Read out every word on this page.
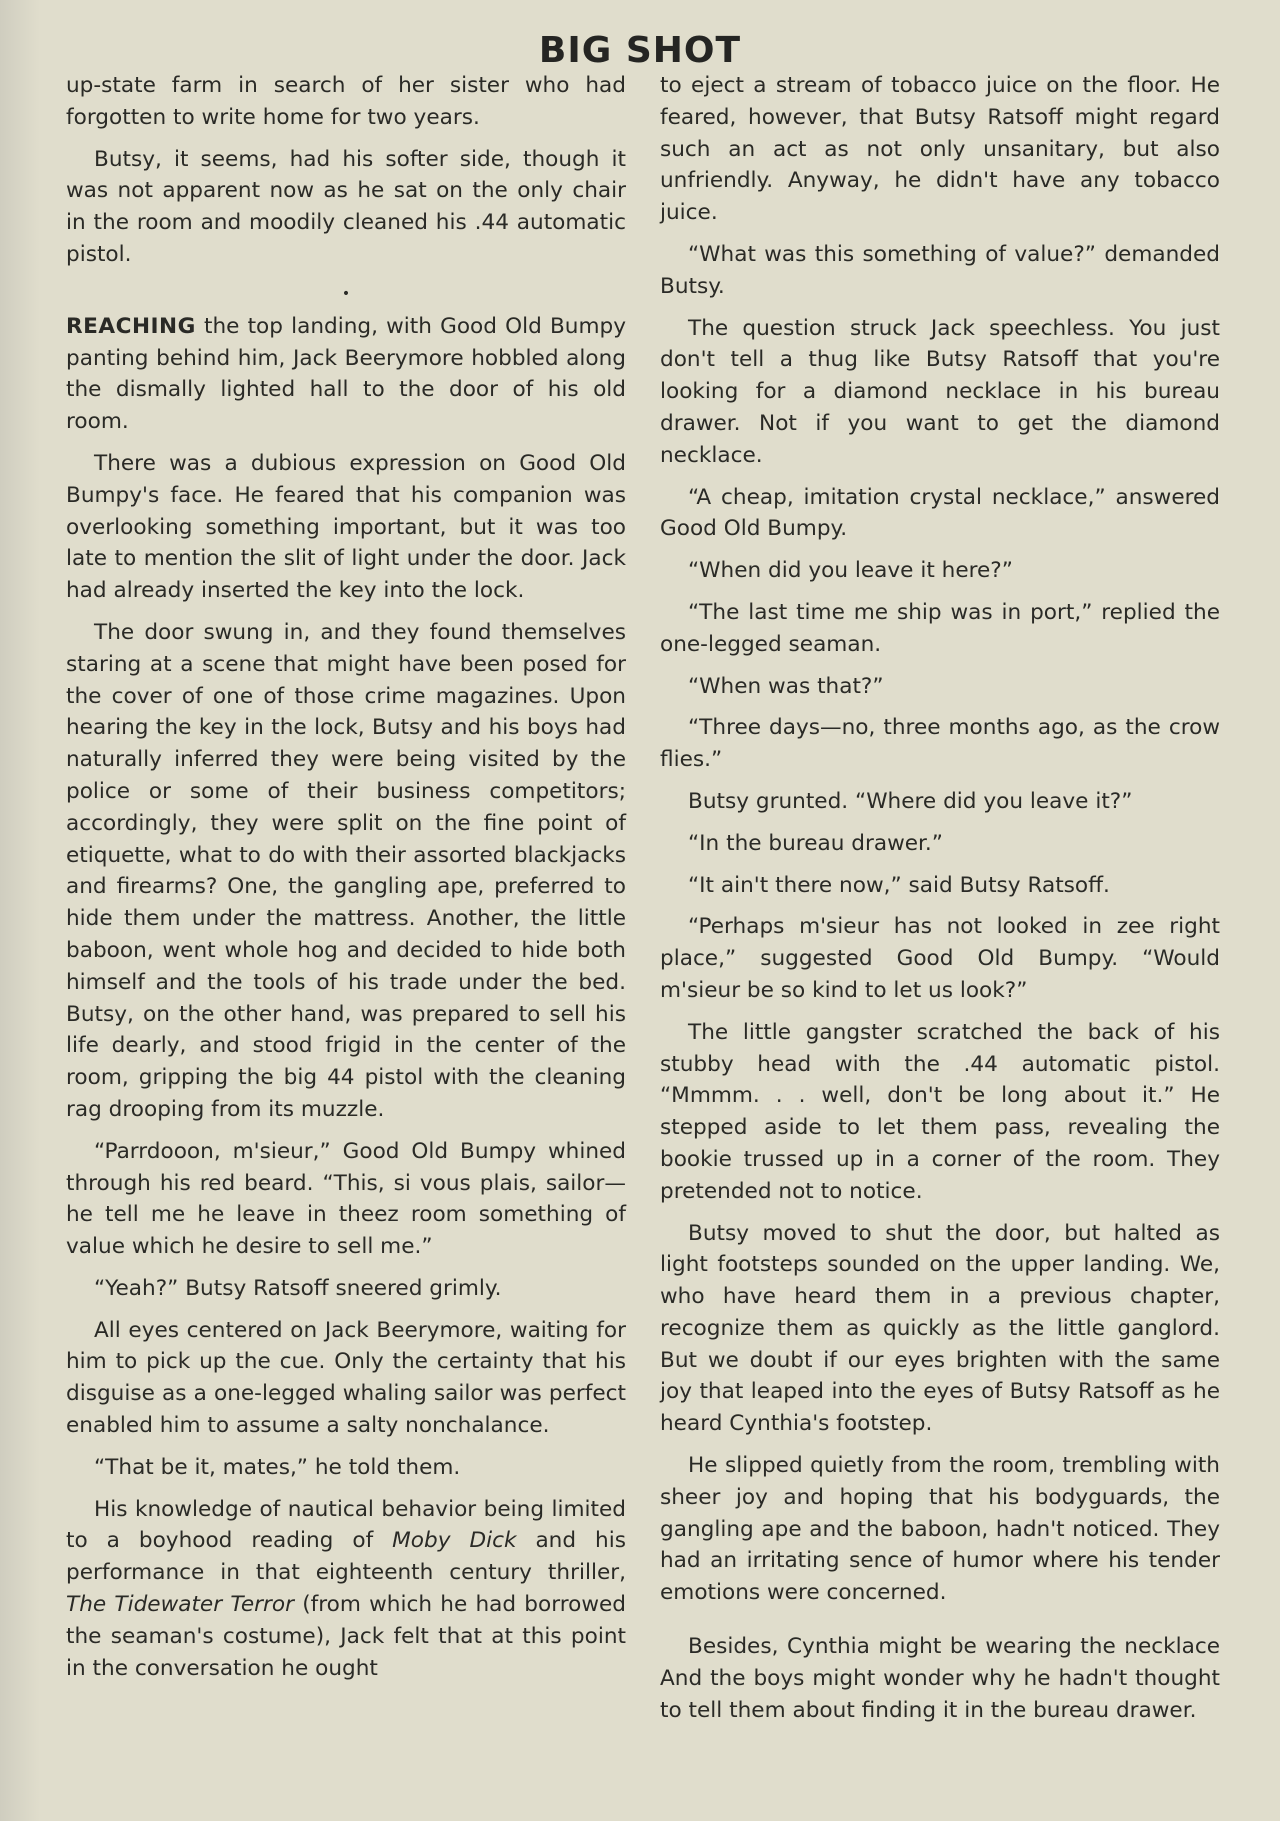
BIG SHOT

up-state farm in search of her sister who had forgotten to write home for two years.

Butsy, it seems, had his softer side, though it was not apparent now as he sat on the only chair in the room and moodily cleaned his .44 automatic pistol.

•

REACHING the top landing, with Good Old Bumpy panting behind him, Jack Beerymore hobbled along the dismally lighted hall to the door of his old room.

There was a dubious expression on Good Old Bumpy's face. He feared that his companion was overlooking something important, but it was too late to mention the slit of light under the door. Jack had already inserted the key into the lock.

The door swung in, and they found themselves staring at a scene that might have been posed for the cover of one of those crime magazines. Upon hearing the key in the lock, Butsy and his boys had naturally inferred they were being visited by the police or some of their business competitors; accordingly, they were split on the fine point of etiquette, what to do with their assorted blackjacks and firearms? One, the gangling ape, preferred to hide them under the mattress. Another, the little baboon, went whole hog and decided to hide both himself and the tools of his trade under the bed. Butsy, on the other hand, was prepared to sell his life dearly, and stood frigid in the center of the room, gripping the big 44 pistol with the cleaning rag drooping from its muzzle.

“Parrdooon, m'sieur,” Good Old Bumpy whined through his red beard. “This, si vous plais, sailor—he tell me he leave in theez room something of value which he desire to sell me.”

“Yeah?” Butsy Ratsoff sneered grimly.

All eyes centered on Jack Beerymore, waiting for him to pick up the cue. Only the certainty that his disguise as a one-legged whaling sailor was perfect enabled him to assume a salty nonchalance.

“That be it, mates,” he told them.

His knowledge of nautical behavior being limited to a boyhood reading of Moby Dick and his performance in that eighteenth century thriller, The Tidewater Terror (from which he had borrowed the seaman's costume), Jack felt that at this point in the conversation he ought

to eject a stream of tobacco juice on the floor. He feared, however, that Butsy Ratsoff might regard such an act as not only unsanitary, but also unfriendly. Anyway, he didn't have any tobacco juice.

“What was this something of value?” demanded Butsy.

The question struck Jack speechless. You just don't tell a thug like Butsy Ratsoff that you're looking for a diamond necklace in his bureau drawer. Not if you want to get the diamond necklace.

“A cheap, imitation crystal necklace,” answered Good Old Bumpy.

“When did you leave it here?”

“The last time me ship was in port,” replied the one-legged seaman.

“When was that?”

“Three days—no, three months ago, as the crow flies.”

Butsy grunted. “Where did you leave it?”

“In the bureau drawer.”

“It ain't there now,” said Butsy Ratsoff.

“Perhaps m'sieur has not looked in zee right place,” suggested Good Old Bumpy. “Would m'sieur be so kind to let us look?”

The little gangster scratched the back of his stubby head with the .44 automatic pistol. “Mmmm. . . well, don't be long about it.” He stepped aside to let them pass, revealing the bookie trussed up in a corner of the room. They pretended not to notice.

Butsy moved to shut the door, but halted as light footsteps sounded on the upper landing. We, who have heard them in a previous chapter, recognize them as quickly as the little ganglord. But we doubt if our eyes brighten with the same joy that leaped into the eyes of Butsy Ratsoff as he heard Cynthia's footstep.

He slipped quietly from the room, trembling with sheer joy and hoping that his bodyguards, the gangling ape and the baboon, hadn't noticed. They had an irritating sence of humor where his tender emotions were concerned.

Besides, Cynthia might be wearing the necklace And the boys might wonder why he hadn't thought to tell them about finding it in the bureau drawer.
